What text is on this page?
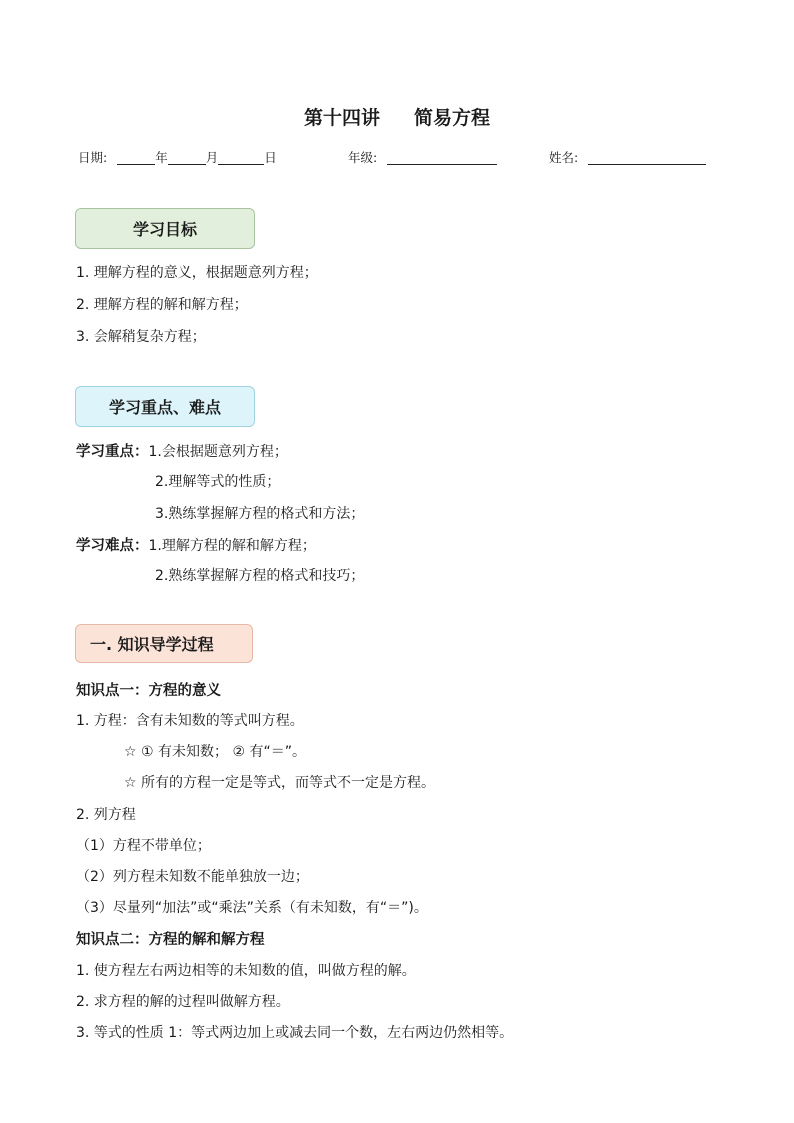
第十四讲 简易方程
日期:	年	月	日	年级:	姓名:
学习目标
1. 理解方程的意义，根据题意列方程；
2. 理解方程的解和解方程；
3. 会解稍复杂方程；
学习重点、难点
学习重点：1.会根据题意列方程；
2.理解等式的性质；
3.熟练掌握解方程的格式和方法；
学习难点：1.理解方程的解和解方程；
2.熟练掌握解方程的格式和技巧；
一. 知识导学过程
知识点一：方程的意义
1. 方程：含有未知数的等式叫方程。
☆ ① 有未知数； ② 有“＝”。
☆ 所有的方程一定是等式，而等式不一定是方程。
2. 列方程
（1）方程不带单位；
（2）列方程未知数不能单独放一边；
（3）尽量列“加法”或“乘法”关系（有未知数，有“＝”)。
知识点二：方程的解和解方程
1. 使方程左右两边相等的未知数的值，叫做方程的解。
2. 求方程的解的过程叫做解方程。
3. 等式的性质 1：等式两边加上或减去同一个数，左右两边仍然相等。
